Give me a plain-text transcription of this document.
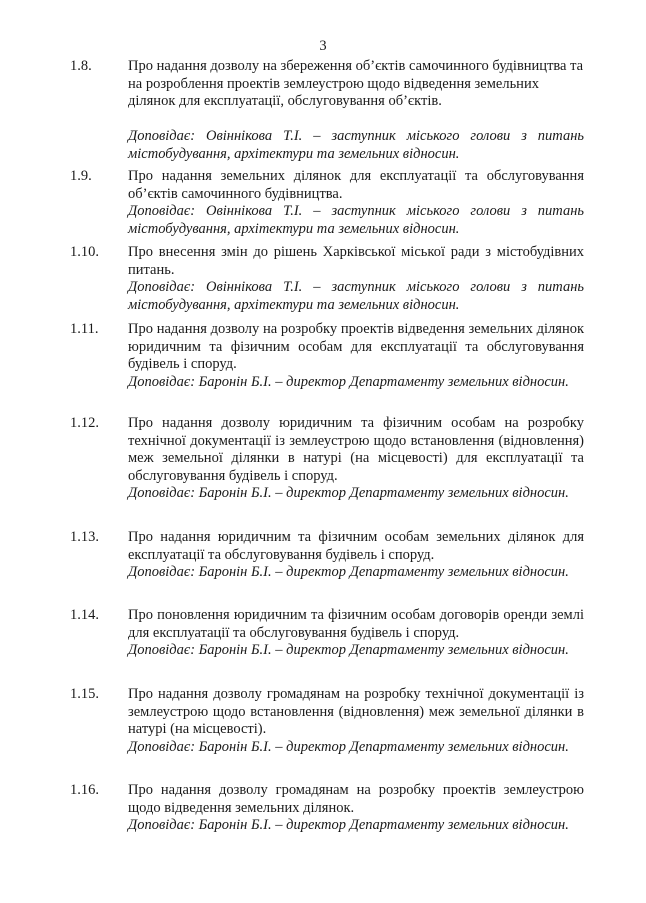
3
1.8.	Про надання дозволу на збереження об’єктів самочинного будівництва та на розроблення проектів землеустрою щодо відведення земельних ділянок для експлуатації, обслуговування об’єктів.
Доповідає: Овіннікова Т.І. – заступник міського голови з питань містобудування, архітектури та земельних відносин.
1.9.	Про надання земельних ділянок для експлуатації та обслуговування об’єктів самочинного будівництва.
Доповідає: Овіннікова Т.І. – заступник міського голови з питань містобудування, архітектури та земельних відносин.
1.10. Про внесення змін до рішень Харківської міської ради з містобудівних питань.
Доповідає: Овіннікова Т.І. – заступник міського голови з питань містобудування, архітектури та земельних відносин.
1.11. Про надання дозволу на розробку проектів відведення земельних ділянок юридичним та фізичним особам для експлуатації та обслуговування будівель і споруд.
Доповідає: Баронін Б.І. – директор Департаменту земельних відносин.
1.12. Про надання дозволу юридичним та фізичним особам на розробку технічної документації із землеустрою щодо встановлення (відновлення) меж земельної ділянки в натурі (на місцевості) для експлуатації та обслуговування будівель і споруд.
Доповідає: Баронін Б.І. – директор Департаменту земельних відносин.
1.13. Про надання юридичним та фізичним особам земельних ділянок для експлуатації та обслуговування будівель і споруд.
Доповідає: Баронін Б.І. – директор Департаменту земельних відносин.
1.14. Про поновлення юридичним та фізичним особам договорів оренди землі для експлуатації та обслуговування будівель і споруд.
Доповідає: Баронін Б.І. – директор Департаменту земельних відносин.
1.15. Про надання дозволу громадянам на розробку технічної документації із землеустрою щодо встановлення (відновлення) меж земельної ділянки в натурі (на місцевості).
Доповідає: Баронін Б.І. – директор Департаменту земельних відносин.
1.16. Про надання дозволу громадянам на розробку проектів землеустрою щодо відведення земельних ділянок.
Доповідає: Баронін Б.І. – директор Департаменту земельних відносин.
